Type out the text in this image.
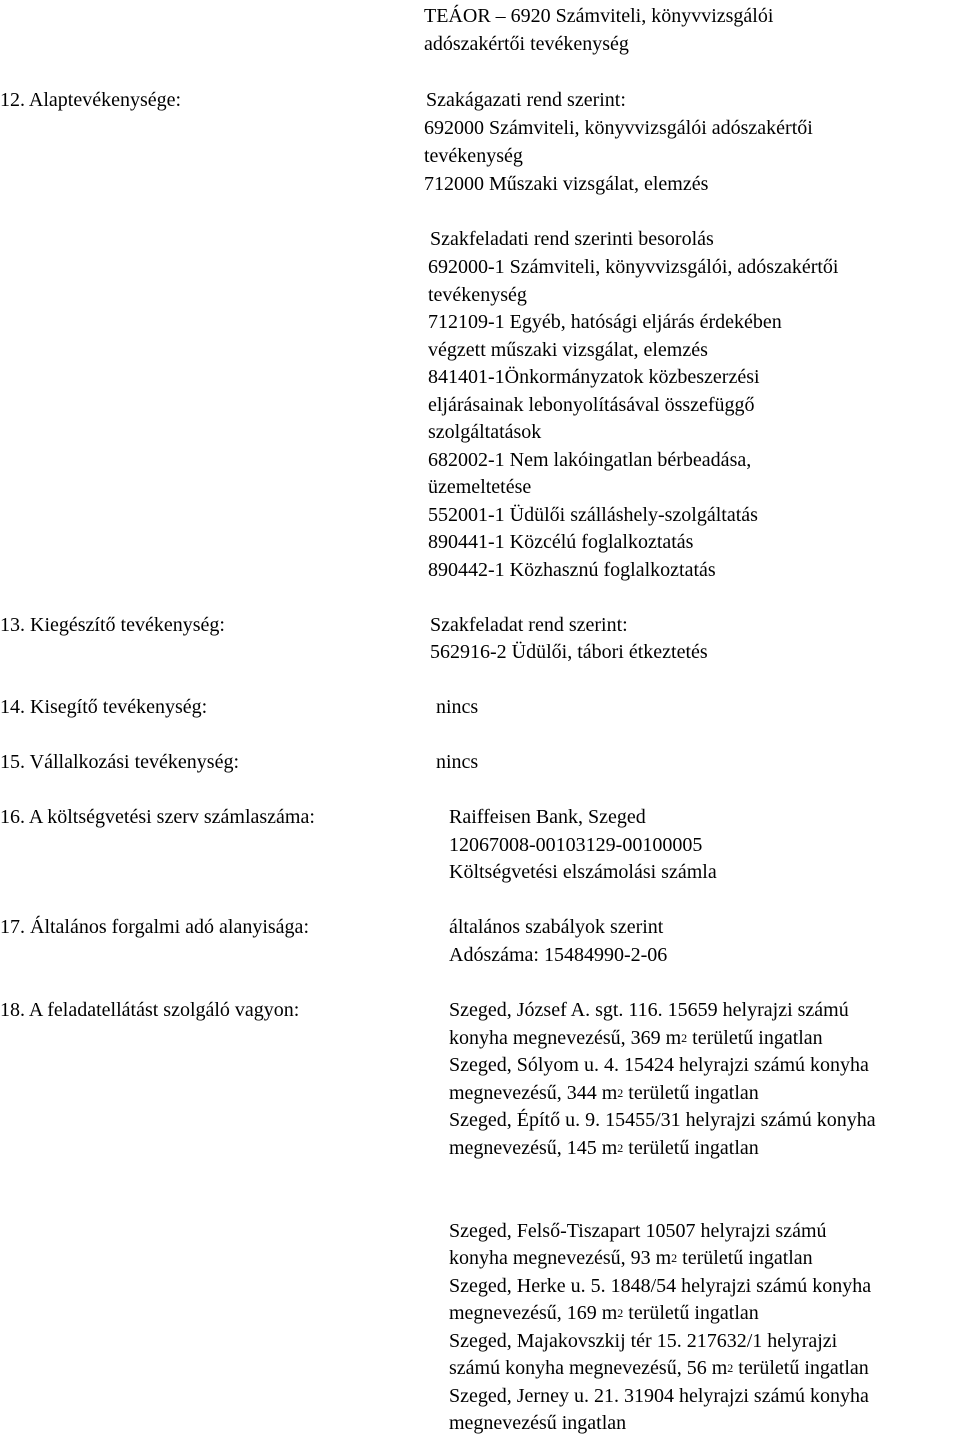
TEÁOR – 6920 Számviteli, könyvvizsgálói
adószakértői tevékenység
12. Alaptevékenysége:	Szakágazati rend szerint:
692000 Számviteli, könyvvizsgálói adószakértői
tevékenység
712000 Műszaki vizsgálat, elemzés
Szakfeladati rend szerinti besorolás
692000-1 Számviteli, könyvvizsgálói, adószakértői
tevékenység
712109-1 Egyéb, hatósági eljárás érdekében
végzett műszaki vizsgálat, elemzés
841401-1Önkormányzatok közbeszerzési
eljárásainak lebonyolításával összefüggő
szolgáltatások
682002-1 Nem lakóingatlan bérbeadása,
üzemeltetése
552001-1 Üdülői szálláshely-szolgáltatás
890441-1 Közcélú foglalkoztatás
890442-1 Közhasznú foglalkoztatás
13. Kiegészítő tevékenység:	Szakfeladat rend szerint:
562916-2 Üdülői, tábori étkeztetés
14. Kisegítő tevékenység:	nincs
15. Vállalkozási tevékenység:	nincs
16. A költségvetési szerv számlaszáma:	Raiffeisen Bank, Szeged
12067008-00103129-00100005
Költségvetési elszámolási számla
17. Általános forgalmi adó alanyisága:	általános szabályok szerint
Adószáma: 15484990-2-06
18. A feladatellátást szolgáló vagyon:	Szeged, József A. sgt. 116. 15659 helyrajzi számú
konyha megnevezésű, 369 $m^2$ területű ingatlan
Szeged, Sólyom u. 4. 15424 helyrajzi számú konyha
megnevezésű, 344 $m^2$ területű ingatlan
Szeged, Építő u. 9. 15455/31 helyrajzi számú konyha
megnevezésű, 145 $m^2$ területű ingatlan
Szeged, Felső-Tiszapart 10507 helyrajzi számú
konyha megnevezésű, 93 $m^2$ területű ingatlan
Szeged, Herke u. 5. 1848/54 helyrajzi számú konyha
megnevezésű, 169 $m^2$ területű ingatlan
Szeged, Majakovszkij tér 15. 217632/1 helyrajzi
számú konyha megnevezésű, 56 $m^2$ területű ingatlan
Szeged, Jerney u. 21. 31904 helyrajzi számú konyha
megnevezésű ingatlan
